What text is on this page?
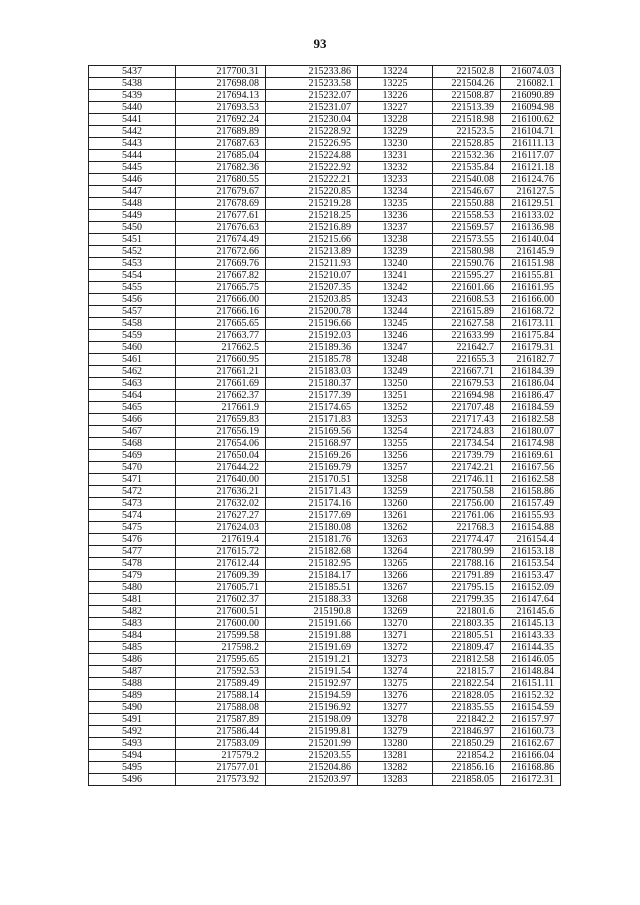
93
5437	217700.31	215233.86	13224	221502.8	216074.03
5438	217698.08	215233.58	13225	221504.26	216082.1
5439	217694.13	215232.07	13226	221508.87	216090.89
5440	217693.53	215231.07	13227	221513.39	216094.98
5441	217692.24	215230.04	13228	221518.98	216100.62
5442	217689.89	215228.92	13229	221523.5	216104.71
5443	217687.63	215226.95	13230	221528.85	216111.13
5444	217685.04	215224.88	13231	221532.36	216117.07
5445	217682.36	215222.92	13232	221535.84	216121.18
5446	217680.55	215222.21	13233	221540.08	216124.76
5447	217679.67	215220.85	13234	221546.67	216127.5
5448	217678.69	215219.28	13235	221550.88	216129.51
5449	217677.61	215218.25	13236	221558.53	216133.02
5450	217676.63	215216.89	13237	221569.57	216136.98
5451	217674.49	215215.66	13238	221573.55	216140.04
5452	217672.66	215213.89	13239	221580.98	216145.9
5453	217669.76	215211.93	13240	221590.76	216151.98
5454	217667.82	215210.07	13241	221595.27	216155.81
5455	217665.75	215207.35	13242	221601.66	216161.95
5456	217666.00	215203.85	13243	221608.53	216166.00
5457	217666.16	215200.78	13244	221615.89	216168.72
5458	217665.65	215196.66	13245	221627.58	216173.11
5459	217663.77	215192.03	13246	221633.99	216175.84
5460	217662.5	215189.36	13247	221642.7	216179.31
5461	217660.95	215185.78	13248	221655.3	216182.7
5462	217661.21	215183.03	13249	221667.71	216184.39
5463	217661.69	215180.37	13250	221679.53	216186.04
5464	217662.37	215177.39	13251	221694.98	216186.47
5465	217661.9	215174.65	13252	221707.48	216184.59
5466	217659.83	215171.83	13253	221717.43	216182.58
5467	217656.19	215169.56	13254	221724.83	216180.07
5468	217654.06	215168.97	13255	221734.54	216174.98
5469	217650.04	215169.26	13256	221739.79	216169.61
5470	217644.22	215169.79	13257	221742.21	216167.56
5471	217640.00	215170.51	13258	221746.11	216162.58
5472	217636.21	215171.43	13259	221750.58	216158.86
5473	217632.02	215174.16	13260	221756.00	216157.49
5474	217627.27	215177.69	13261	221761.06	216155.93
5475	217624.03	215180.08	13262	221768.3	216154.88
5476	217619.4	215181.76	13263	221774.47	216154.4
5477	217615.72	215182.68	13264	221780.99	216153.18
5478	217612.44	215182.95	13265	221788.16	216153.54
5479	217609.39	215184.17	13266	221791.89	216153.47
5480	217605.71	215185.51	13267	221795.15	216152.09
5481	217602.37	215188.33	13268	221799.35	216147.64
5482	217600.51	215190.8	13269	221801.6	216145.6
5483	217600.00	215191.66	13270	221803.35	216145.13
5484	217599.58	215191.88	13271	221805.51	216143.33
5485	217598.2	215191.69	13272	221809.47	216144.35
5486	217595.65	215191.21	13273	221812.58	216146.05
5487	217592.53	215191.54	13274	221815.7	216148.84
5488	217589.49	215192.97	13275	221822.54	216151.11
5489	217588.14	215194.59	13276	221828.05	216152.32
5490	217588.08	215196.92	13277	221835.55	216154.59
5491	217587.89	215198.09	13278	221842.2	216157.97
5492	217586.44	215199.81	13279	221846.97	216160.73
5493	217583.09	215201.99	13280	221850.29	216162.67
5494	217579.2	215203.55	13281	221854.2	216166.04
5495	217577.01	215204.86	13282	221856.16	216168.86
5496	217573.92	215203.97	13283	221858.05	216172.31
